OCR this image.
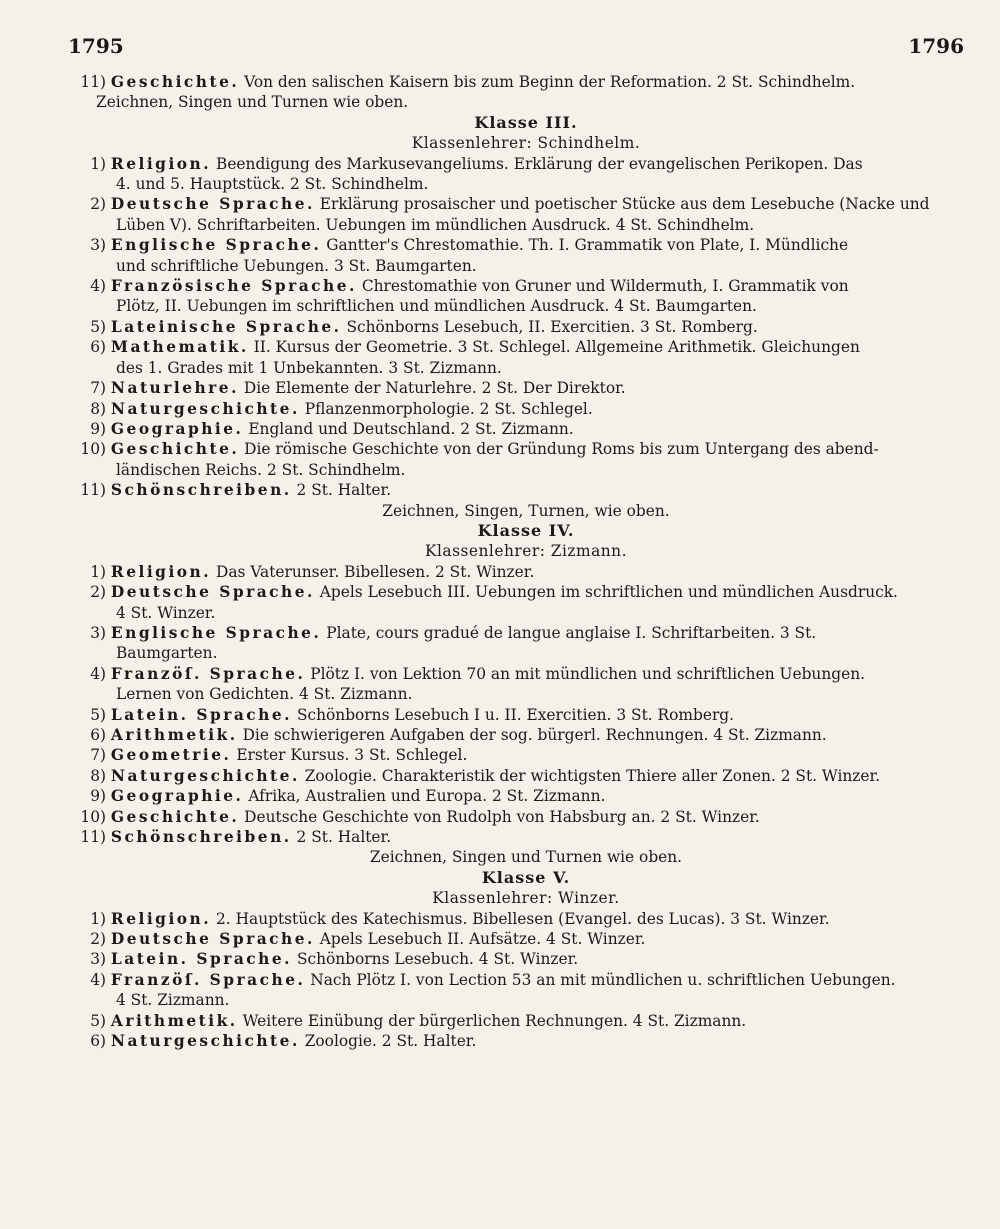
1795	1796
11) Geschichte. Von den salischen Kaisern bis zum Beginn der Reformation. 2 St. Schindhelm.
Zeichnen, Singen und Turnen wie oben.
Klasse III.
Klassenlehrer: Schindhelm.
1) Religion. Beendigung des Markusevangeliums. Erklärung der evangelischen Perikopen. Das
4. und 5. Hauptstück. 2 St. Schindhelm.
2) Deutsche Sprache. Erklärung prosaischer und poetischer Stücke aus dem Lesebuche (Nacke und
Lüben V). Schriftarbeiten. Uebungen im mündlichen Ausdruck. 4 St. Schindhelm.
3) Englische Sprache. Gantter's Chrestomathie. Th. I. Grammatik von Plate, I. Mündliche
und schriftliche Uebungen. 3 St. Baumgarten.
4) Französische Sprache. Chrestomathie von Gruner und Wildermuth, I. Grammatik von
Plötz, II. Uebungen im schriftlichen und mündlichen Ausdruck. 4 St. Baumgarten.
5) Lateinische Sprache. Schönborns Lesebuch, II. Exercitien. 3 St. Romberg.
6) Mathematik. II. Kursus der Geometrie. 3 St. Schlegel. Allgemeine Arithmetik. Gleichungen
des 1. Grades mit 1 Unbekannten. 3 St. Zizmann.
7) Naturlehre. Die Elemente der Naturlehre. 2 St. Der Direktor.
8) Naturgeschichte. Pflanzenmorphologie. 2 St. Schlegel.
9) Geographie. England und Deutschland. 2 St. Zizmann.
10) Geschichte. Die römische Geschichte von der Gründung Roms bis zum Untergang des abend-
ländischen Reichs. 2 St. Schindhelm.
11) Schönschreiben. 2 St. Halter.
Zeichnen, Singen, Turnen, wie oben.
Klasse IV.
Klassenlehrer: Zizmann.
1) Religion. Das Vaterunser. Bibellesen. 2 St. Winzer.
2) Deutsche Sprache. Apels Lesebuch III. Uebungen im schriftlichen und mündlichen Ausdruck.
4 St. Winzer.
3) Englische Sprache. Plate, cours gradué de langue anglaise I. Schriftarbeiten. 3 St.
Baumgarten.
4) Franzöſ. Sprache. Plötz I. von Lektion 70 an mit mündlichen und schriftlichen Uebungen.
Lernen von Gedichten. 4 St. Zizmann.
5) Latein. Sprache. Schönborns Lesebuch I u. II. Exercitien. 3 St. Romberg.
6) Arithmetik. Die schwierigeren Aufgaben der sog. bürgerl. Rechnungen. 4 St. Zizmann.
7) Geometrie. Erster Kursus. 3 St. Schlegel.
8) Naturgeschichte. Zoologie. Charakteristik der wichtigsten Thiere aller Zonen. 2 St. Winzer.
9) Geographie. Afrika, Australien und Europa. 2 St. Zizmann.
10) Geschichte. Deutsche Geschichte von Rudolph von Habsburg an. 2 St. Winzer.
11) Schönschreiben. 2 St. Halter.
Zeichnen, Singen und Turnen wie oben.
Klasse V.
Klassenlehrer: Winzer.
1) Religion. 2. Hauptstück des Katechismus. Bibellesen (Evangel. des Lucas). 3 St. Winzer.
2) Deutsche Sprache. Apels Lesebuch II. Aufsätze. 4 St. Winzer.
3) Latein. Sprache. Schönborns Lesebuch. 4 St. Winzer.
4) Franzöſ. Sprache. Nach Plötz I. von Lection 53 an mit mündlichen u. schriftlichen Uebungen.
4 St. Zizmann.
5) Arithmetik. Weitere Einübung der bürgerlichen Rechnungen. 4 St. Zizmann.
6) Naturgeschichte. Zoologie. 2 St. Halter.
